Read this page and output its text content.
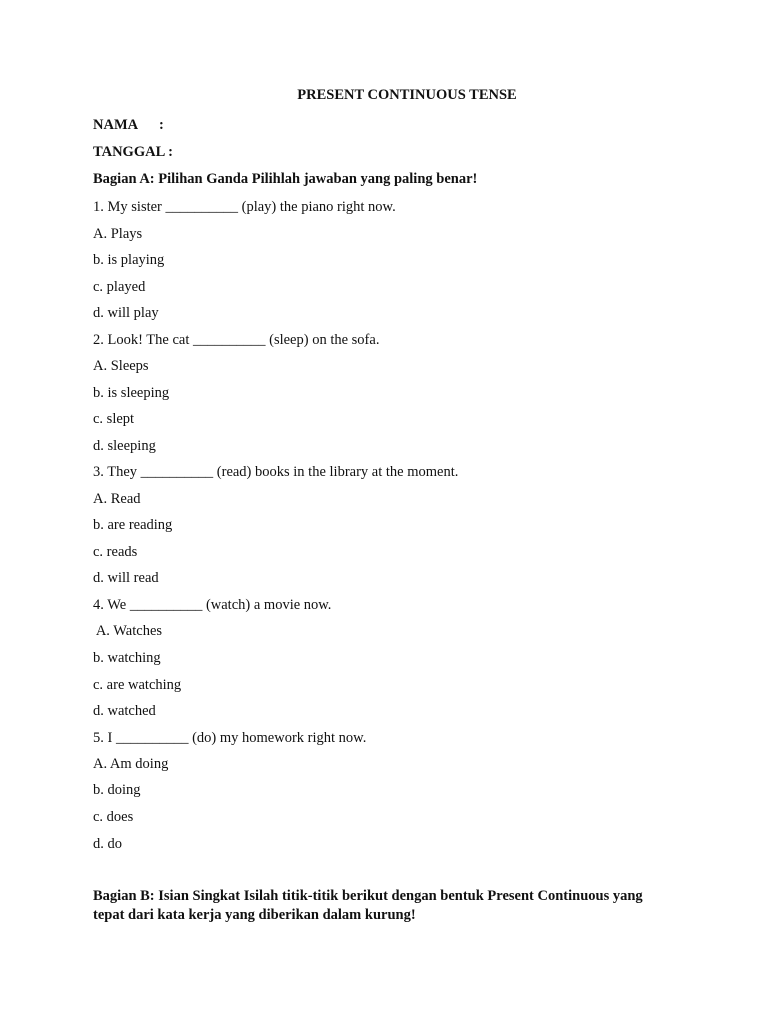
PRESENT CONTINUOUS TENSE
NAMA      :
TANGGAL :
Bagian A: Pilihan Ganda Pilihlah jawaban yang paling benar!
1. My sister __________ (play) the piano right now.
A. Plays
b. is playing
c. played
d. will play
2. Look! The cat __________ (sleep) on the sofa.
A. Sleeps
b. is sleeping
c. slept
d. sleeping
3. They __________ (read) books in the library at the moment.
A. Read
b. are reading
c. reads
d. will read
4. We __________ (watch) a movie now.
A. Watches
b. watching
c. are watching
d. watched
5. I __________ (do) my homework right now.
A. Am doing
b. doing
c. does
d. do
Bagian B: Isian Singkat Isilah titik-titik berikut dengan bentuk Present Continuous yang tepat dari kata kerja yang diberikan dalam kurung!
